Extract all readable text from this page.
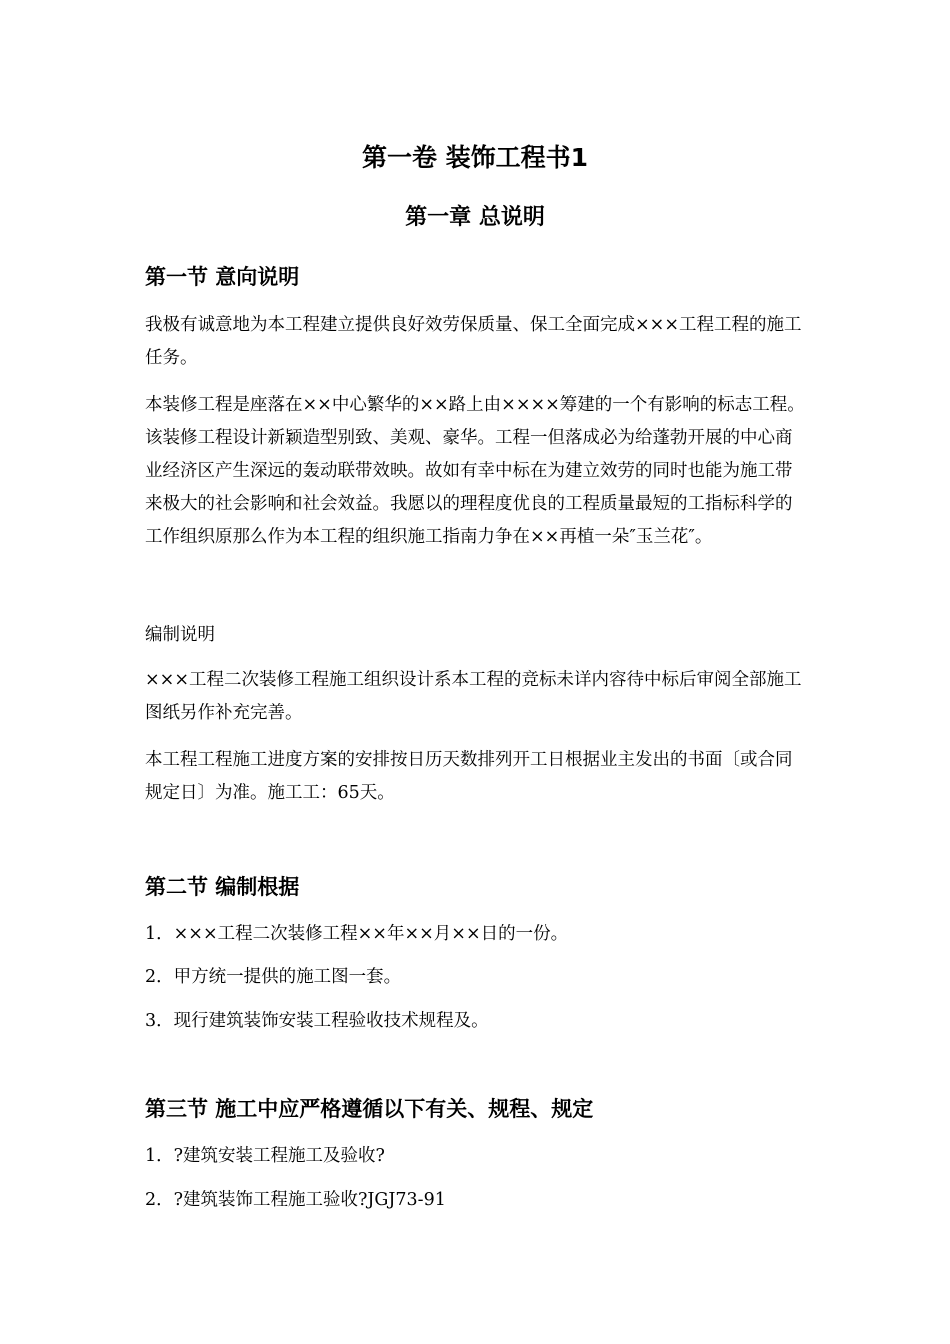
第一卷 装饰工程书1
第一章 总说明
第一节 意向说明

我极有诚意地为本工程建立提供良好效劳保质量、保工全面完成×××工程工程的施工任务。

本装修工程是座落在××中心繁华的××路上由××××筹建的一个有影响的标志工程。该装修工程设计新颖造型别致、美观、豪华。工程一但落成必为给蓬勃开展的中心商业经济区产生深远的轰动联带效映。故如有幸中标在为建立效劳的同时也能为施工带来极大的社会影响和社会效益。我愿以的理程度优良的工程质量最短的工指标科学的工作组织原那么作为本工程的组织施工指南力争在××再植一朵″玉兰花″。

编制说明

×××工程二次装修工程施工组织设计系本工程的竞标未详内容待中标后审阅全部施工图纸另作补充完善。

本工程工程施工进度方案的安排按日历天数排列开工日根据业主发出的书面〔或合同规定日〕为准。施工工：65天。

第二节 编制根据

1．×××工程二次装修工程××年××月××日的一份。

2．甲方统一提供的施工图一套。

3．现行建筑装饰安装工程验收技术规程及。

第三节 施工中应严格遵循以下有关、规程、规定

1．?建筑安装工程施工及验收?

2．?建筑装饰工程施工验收?JGJ73-91
